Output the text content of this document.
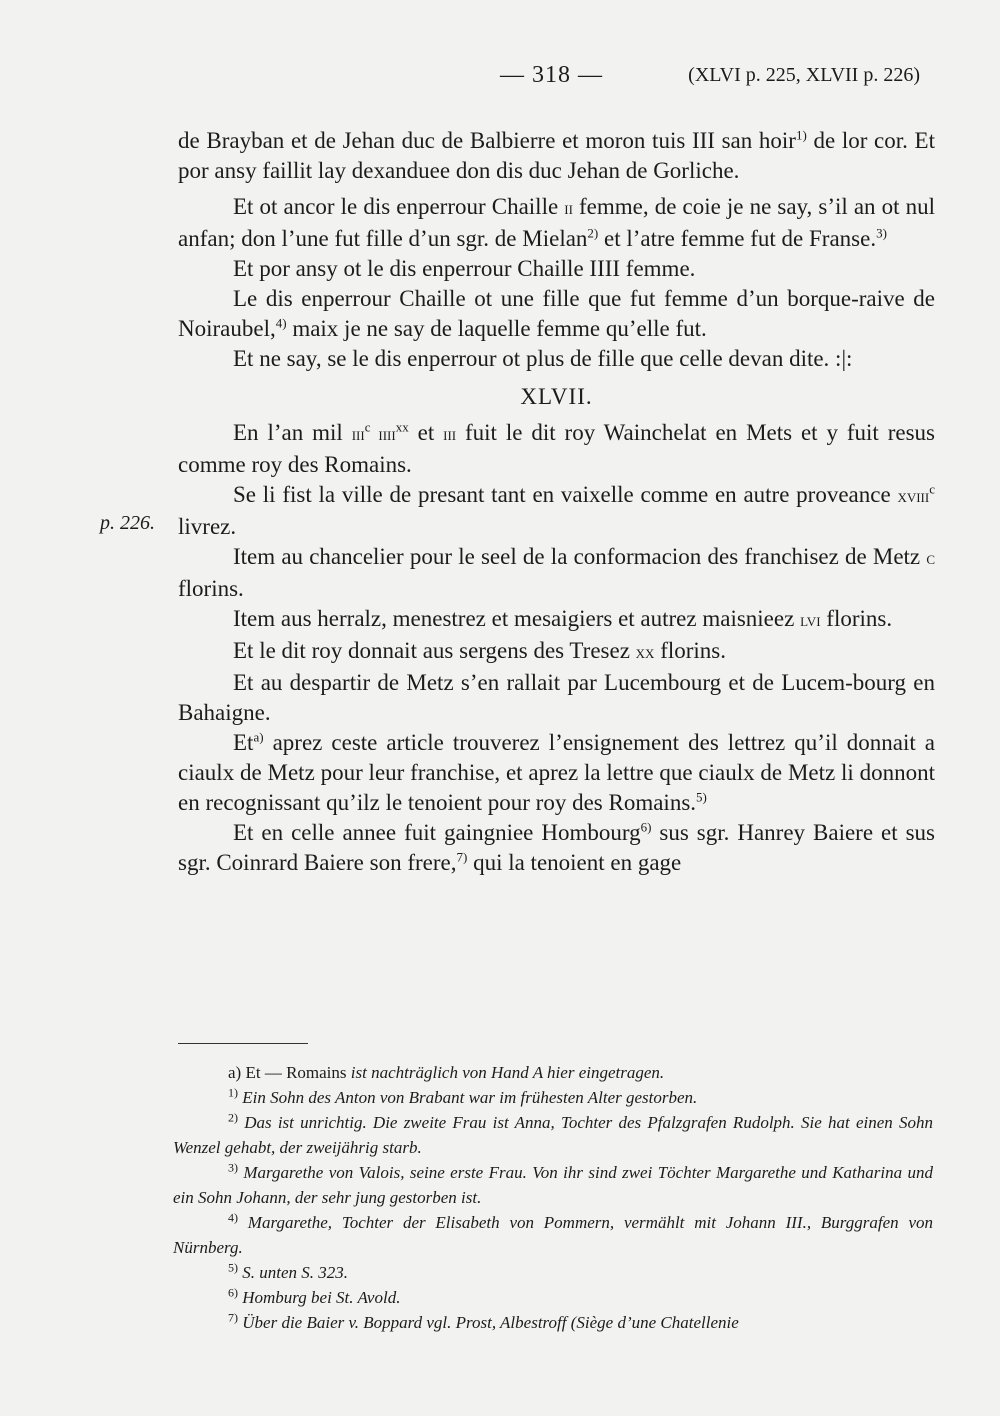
— 318 —	(XLVI p. 225, XLVII p. 226)
p. 226.

de Brayban et de Jehan duc de Balbierre et moron tuis III san hoir$^{1)}$ de lor cor. Et por ansy faillit lay dexanduee don dis duc Jehan de Gorliche.

Et ot ancor le dis enperrour Chaille ii femme, de coie je ne say, s’il an ot nul anfan; don l’une fut fille d’un sgr. de Mielan$^{2)}$ et l’atre femme fut de Franse.$^{3)}$

Et por ansy ot le dis enperrour Chaille IIII femme.

Le dis enperrour Chaille ot une fille que fut femme d’un borque-raive de Noiraubel,$^{4)}$ maix je ne say de laquelle femme qu’elle fut.

Et ne say, se le dis enperrour ot plus de fille que celle devan dite. :|:

XLVII.

En l’an mil iii$^c$ iiii$^{xx}$ et iii fuit le dit roy Wainchelat en Mets et y fuit resus comme roy des Romains.

Se li fist la ville de presant tant en vaixelle comme en autre proveance xviii$^c$ livrez.

Item au chancelier pour le seel de la conformacion des franchisez de Metz c florins.

Item aus herralz, menestrez et mesaigiers et autrez maisnieez lvi florins.

Et le dit roy donnait aus sergens des Tresez xx florins.

Et au despartir de Metz s’en rallait par Lucembourg et de Lucem-bourg en Bahaigne.

Et$^{a)}$ aprez ceste article trouverez l’ensignement des lettrez qu’il donnait a ciaulx de Metz pour leur franchise, et aprez la lettre que ciaulx de Metz li donnont en recognissant qu’ilz le tenoient pour roy des Romains.$^{5)}$

Et en celle annee fuit gaingniee Hombourg$^{6)}$ sus sgr. Hanrey Baiere et sus sgr. Coinrard Baiere son frere,$^{7)}$ qui la tenoient en gage

a) Et — Romains ist nachträglich von Hand A hier eingetragen.

$^{1)}$ Ein Sohn des Anton von Brabant war im frühesten Alter gestorben.

$^{2)}$ Das ist unrichtig. Die zweite Frau ist Anna, Tochter des Pfalzgrafen Rudolph. Sie hat einen Sohn Wenzel gehabt, der zweijährig starb.

$^{3)}$ Margarethe von Valois, seine erste Frau. Von ihr sind zwei Töchter Margarethe und Katharina und ein Sohn Johann, der sehr jung gestorben ist.

$^{4)}$ Margarethe, Tochter der Elisabeth von Pommern, vermählt mit Johann III., Burggrafen von Nürnberg.

$^{5)}$ S. unten S. 323.

$^{6)}$ Homburg bei St. Avold.

$^{7)}$ Über die Baier v. Boppard vgl. Prost, Albestroff (Siège d’une Chatellenie
